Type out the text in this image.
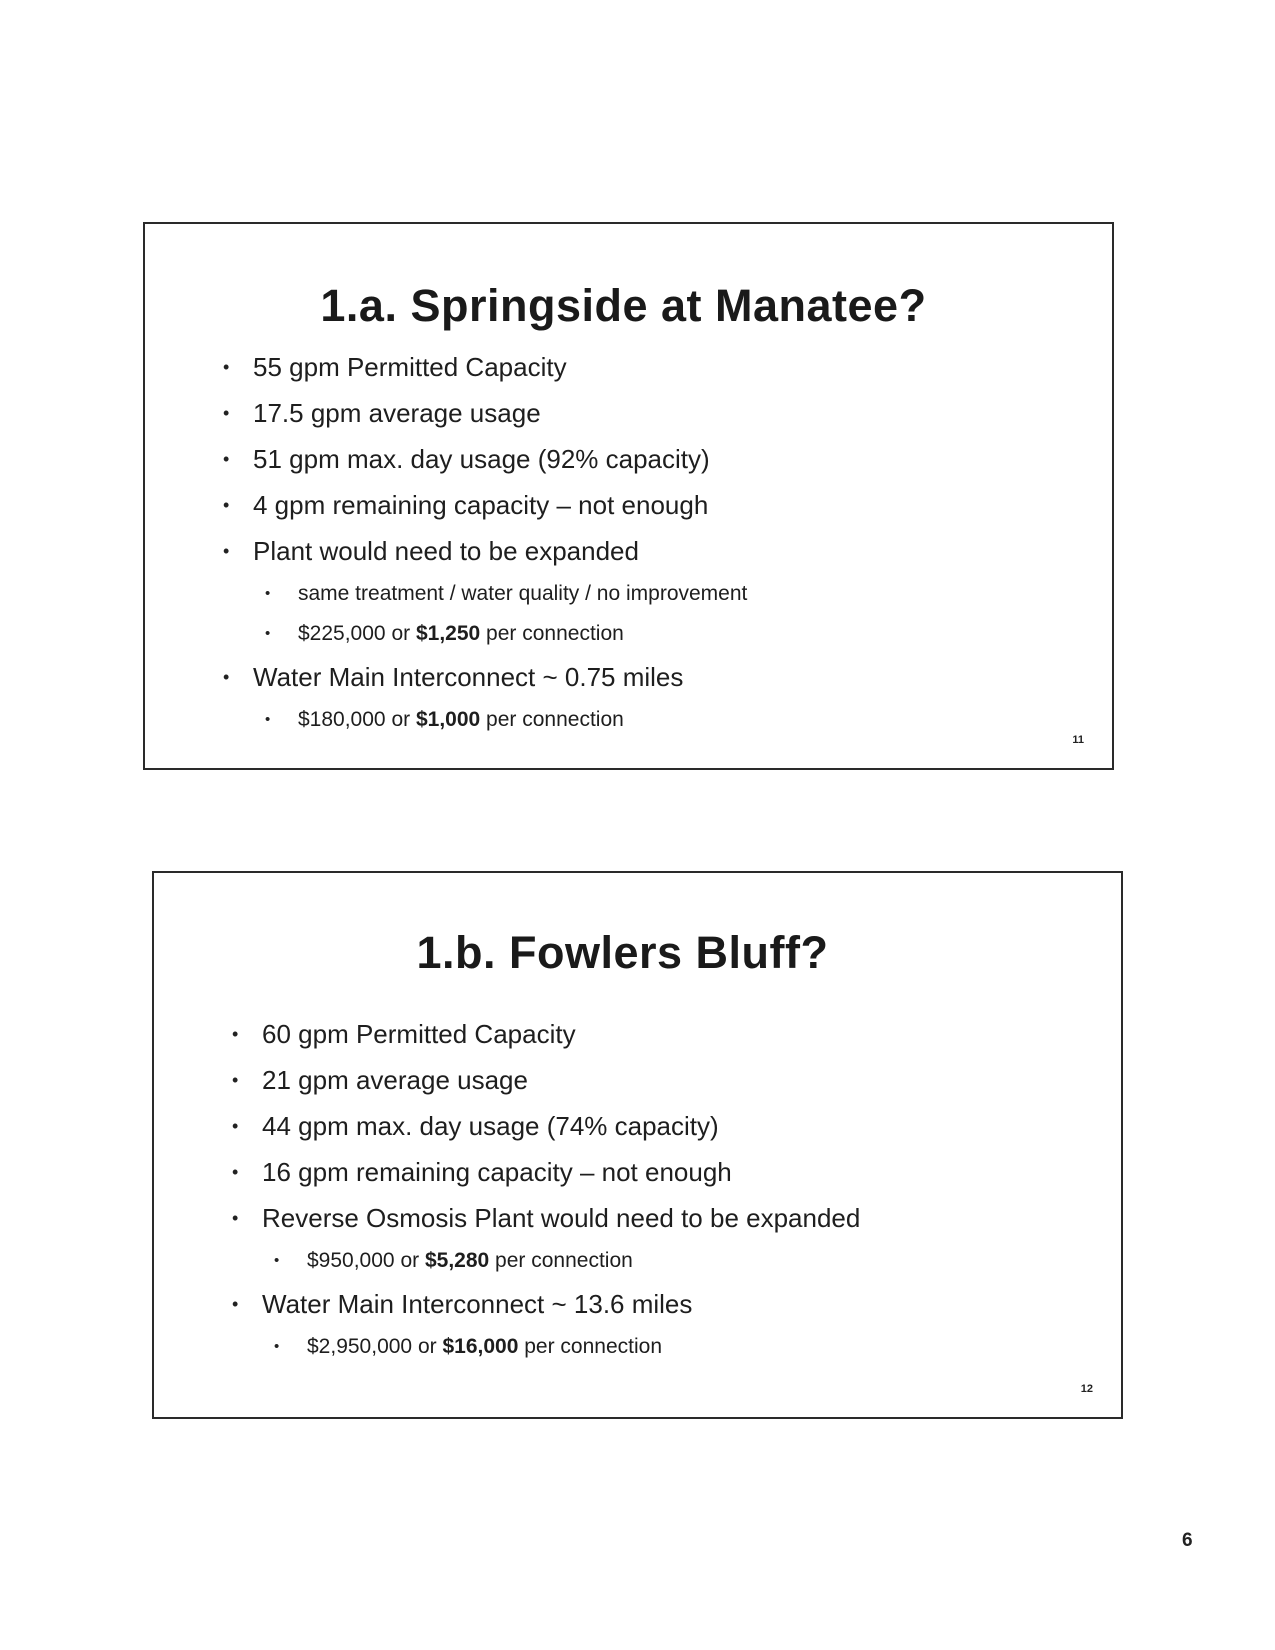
1.a. Springside at Manatee?
• 55 gpm Permitted Capacity
• 17.5 gpm average usage
• 51 gpm max. day usage (92% capacity)
• 4 gpm remaining capacity – not enough
• Plant would need to be expanded
• same treatment / water quality / no improvement
• $225,000 or $1,250 per connection
• Water Main Interconnect ~ 0.75 miles
• $180,000 or $1,000 per connection
11
1.b. Fowlers Bluff?
• 60 gpm Permitted Capacity
• 21 gpm average usage
• 44 gpm max. day usage (74% capacity)
• 16 gpm remaining capacity – not enough
• Reverse Osmosis Plant would need to be expanded
• $950,000 or $5,280 per connection
• Water Main Interconnect ~ 13.6 miles
• $2,950,000 or $16,000 per connection
12
6
